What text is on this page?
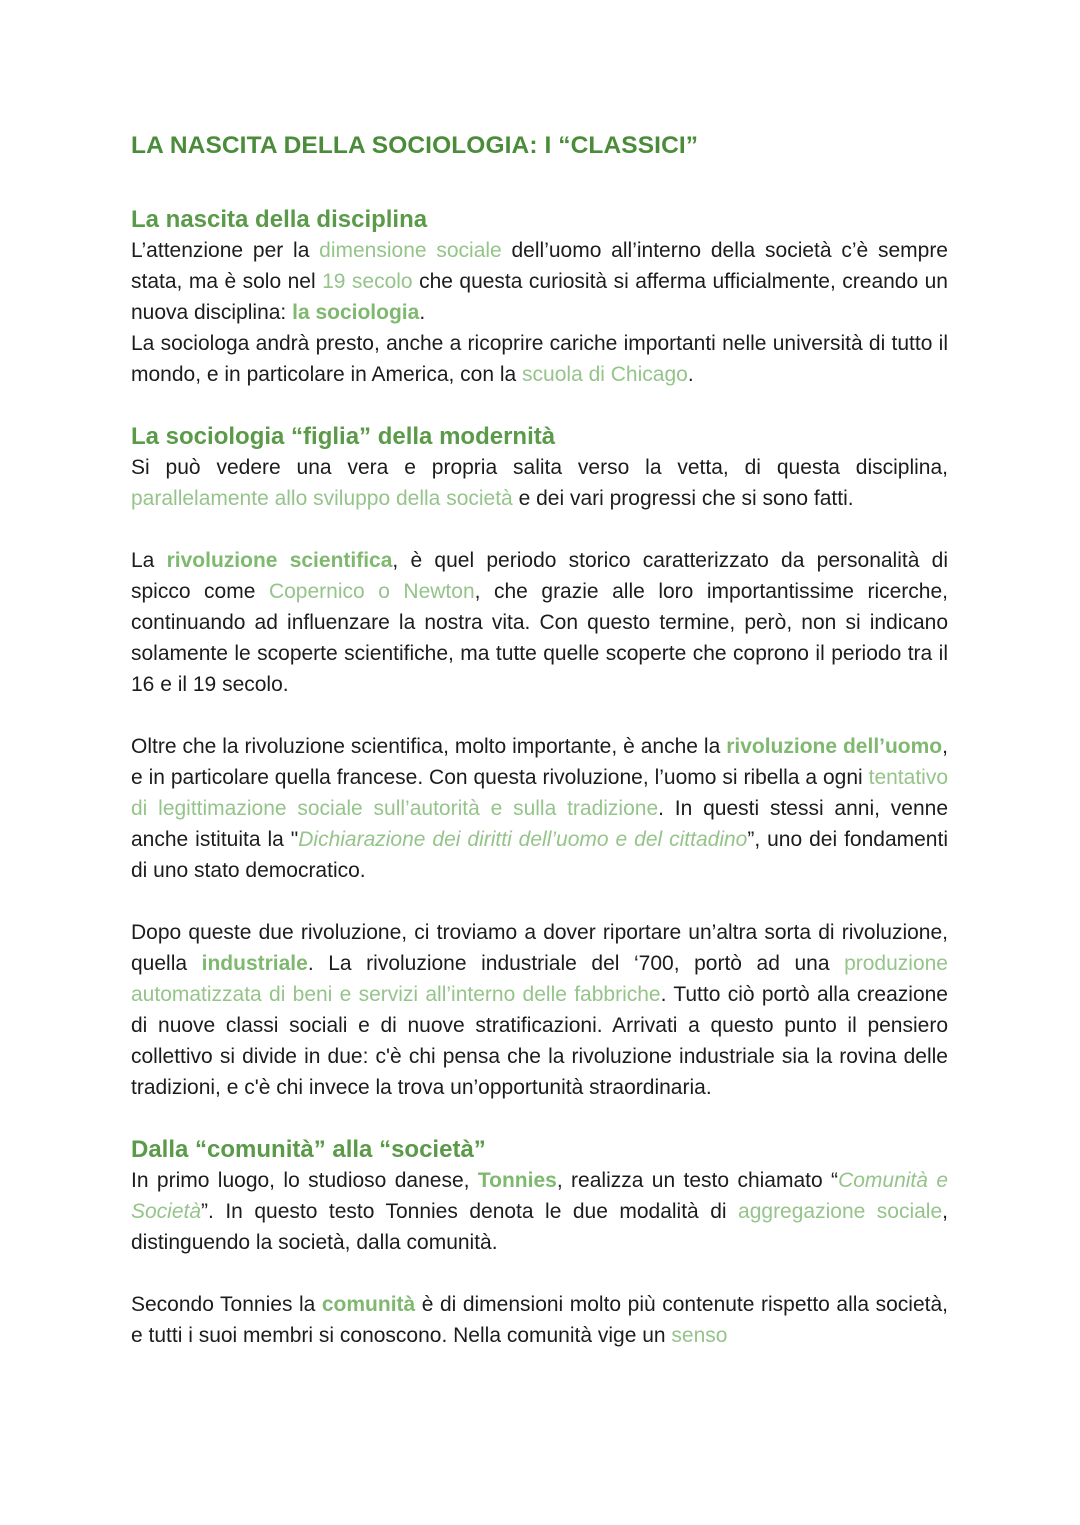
LA NASCITA DELLA SOCIOLOGIA: I “CLASSICI”
La nascita della disciplina

L’attenzione per la dimensione sociale dell’uomo all’interno della società c’è sempre stata, ma è solo nel 19 secolo che questa curiosità si afferma ufficialmente, creando un nuova disciplina: la sociologia.

La sociologa andrà presto, anche a ricoprire cariche importanti nelle università di tutto il mondo, e in particolare in America, con la scuola di Chicago.

La sociologia “figlia” della modernità

Si può vedere una vera e propria salita verso la vetta, di questa disciplina, parallelamente allo sviluppo della società e dei vari progressi che si sono fatti.

La rivoluzione scientifica, è quel periodo storico caratterizzato da personalità di spicco come Copernico o Newton, che grazie alle loro importantissime ricerche, continuando ad influenzare la nostra vita. Con questo termine, però, non si indicano solamente le scoperte scientifiche, ma tutte quelle scoperte che coprono il periodo tra il 16 e il 19 secolo.

Oltre che la rivoluzione scientifica, molto importante, è anche la rivoluzione dell’uomo, e in particolare quella francese. Con questa rivoluzione, l’uomo si ribella a ogni tentativo di legittimazione sociale sull’autorità e sulla tradizione. In questi stessi anni, venne anche istituita la "Dichiarazione dei diritti dell’uomo e del cittadino”, uno dei fondamenti di uno stato democratico.

Dopo queste due rivoluzione, ci troviamo a dover riportare un’altra sorta di rivoluzione, quella industriale. La rivoluzione industriale del ‘700, portò ad una produzione automatizzata di beni e servizi all’interno delle fabbriche. Tutto ciò portò alla creazione di nuove classi sociali e di nuove stratificazioni. Arrivati a questo punto il pensiero collettivo si divide in due: c'è chi pensa che la rivoluzione industriale sia la rovina delle tradizioni, e c'è chi invece la trova un’opportunità straordinaria.

Dalla “comunità” alla “società”

In primo luogo, lo studioso danese, Tonnies, realizza un testo chiamato “Comunità e Società”. In questo testo Tonnies denota le due modalità di aggregazione sociale, distinguendo la società, dalla comunità.

Secondo Tonnies la comunità è di dimensioni molto più contenute rispetto alla società, e tutti i suoi membri si conoscono. Nella comunità vige un senso
